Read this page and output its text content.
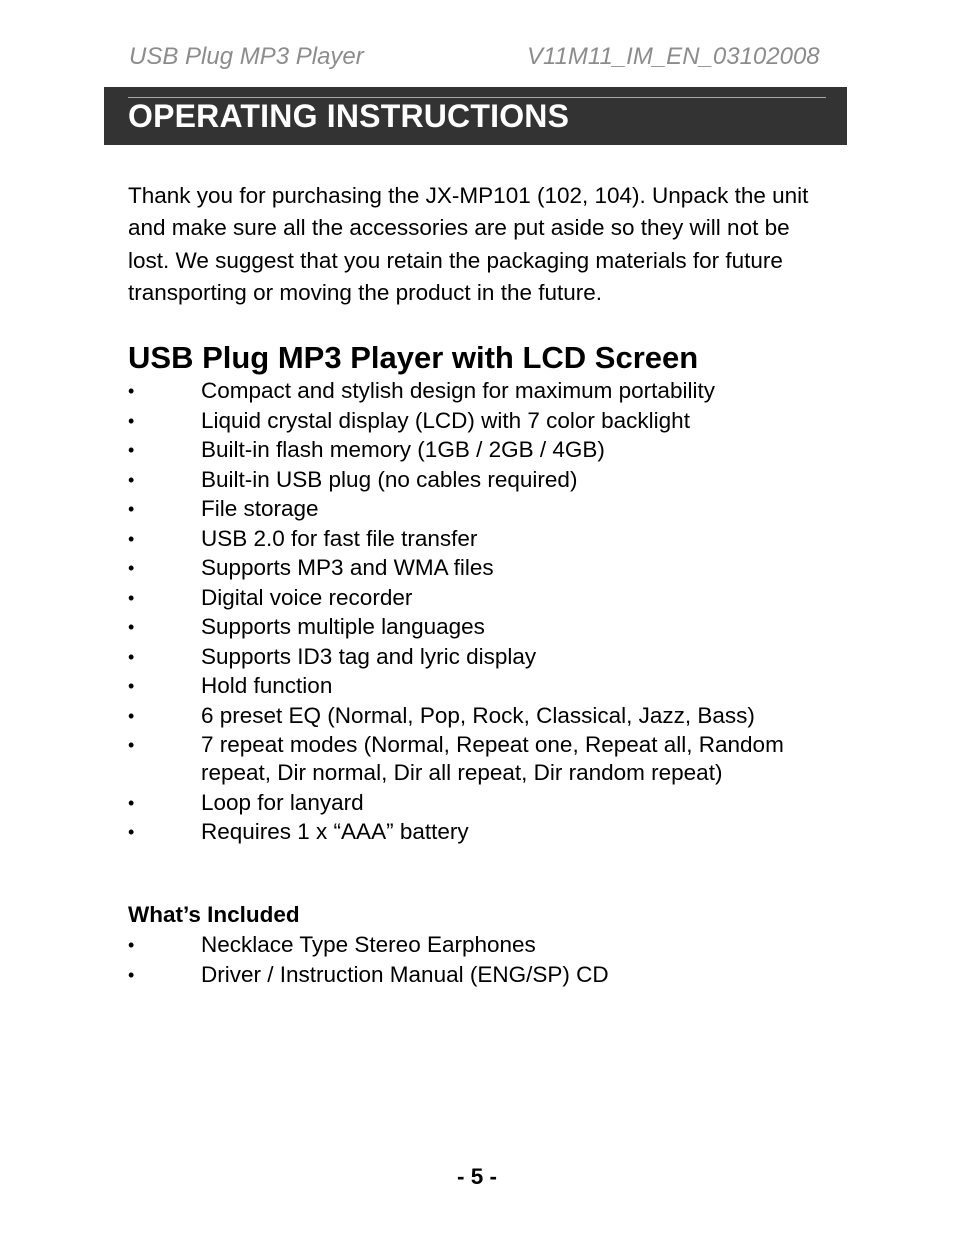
USB Plug MP3 Player	V11M11_IM_EN_03102008
OPERATING INSTRUCTIONS

Thank you for purchasing the JX-MP101 (102, 104). Unpack the unit and make sure all the accessories are put aside so they will not be lost. We suggest that you retain the packaging materials for future transporting or moving the product in the future.

USB Plug MP3 Player with LCD Screen
•	Compact and stylish design for maximum portability
•	Liquid crystal display (LCD) with 7 color backlight
•	Built-in flash memory (1GB / 2GB / 4GB)
•	Built-in USB plug (no cables required)
•	File storage
•	USB 2.0 for fast file transfer
•	Supports MP3 and WMA files
•	Digital voice recorder
•	Supports multiple languages
•	Supports ID3 tag and lyric display
•	Hold function
•	6 preset EQ (Normal, Pop, Rock, Classical, Jazz, Bass)
•	7 repeat modes (Normal, Repeat one, Repeat all, Random repeat, Dir normal, Dir all repeat, Dir random repeat)
•	Loop for lanyard
•	Requires 1 x “AAA” battery
What’s Included
•	Necklace Type Stereo Earphones
•	Driver / Instruction Manual (ENG/SP) CD
- 5 -
